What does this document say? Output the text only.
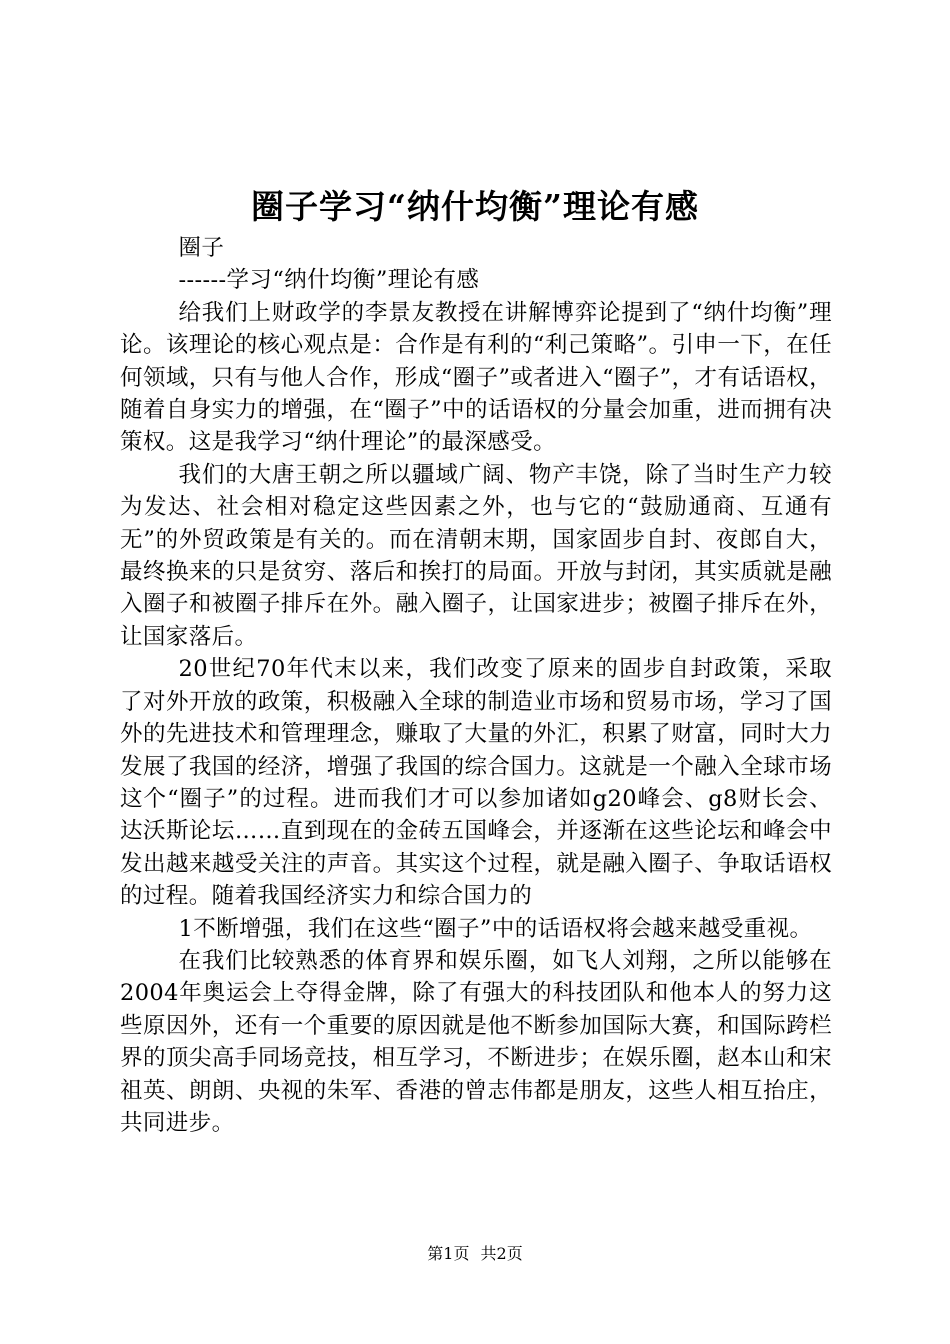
圈子学习“纳什均衡”理论有感

圈子

------学习“纳什均衡”理论有感

给我们上财政学的李景友教授在讲解博弈论提到了“纳什均衡”理论。该理论的核心观点是：合作是有利的“利己策略”。引申一下，在任何领域，只有与他人合作，形成“圈子”或者进入“圈子”，才有话语权，随着自身实力的增强，在“圈子”中的话语权的分量会加重，进而拥有决策权。这是我学习“纳什理论”的最深感受。

我们的大唐王朝之所以疆域广阔、物产丰饶，除了当时生产力较为发达、社会相对稳定这些因素之外，也与它的“鼓励通商、互通有无”的外贸政策是有关的。而在清朝末期，国家固步自封、夜郎自大，最终换来的只是贫穷、落后和挨打的局面。开放与封闭，其实质就是融入圈子和被圈子排斥在外。融入圈子，让国家进步；被圈子排斥在外，让国家落后。

20世纪70年代末以来，我们改变了原来的固步自封政策，采取了对外开放的政策，积极融入全球的制造业市场和贸易市场，学习了国外的先进技术和管理理念，赚取了大量的外汇，积累了财富，同时大力发展了我国的经济，增强了我国的综合国力。这就是一个融入全球市场这个“圈子”的过程。进而我们才可以参加诸如g20峰会、g8财长会、达沃斯论坛……直到现在的金砖五国峰会，并逐渐在这些论坛和峰会中发出越来越受关注的声音。其实这个过程，就是融入圈子、争取话语权的过程。随着我国经济实力和综合国力的

1不断增强，我们在这些“圈子”中的话语权将会越来越受重视。

在我们比较熟悉的体育界和娱乐圈，如飞人刘翔，之所以能够在2004年奥运会上夺得金牌，除了有强大的科技团队和他本人的努力这些原因外，还有一个重要的原因就是他不断参加国际大赛，和国际跨栏界的顶尖高手同场竞技，相互学习，不断进步；在娱乐圈，赵本山和宋祖英、朗朗、央视的朱军、香港的曾志伟都是朋友，这些人相互抬庄，共同进步。

第1页 共2页
